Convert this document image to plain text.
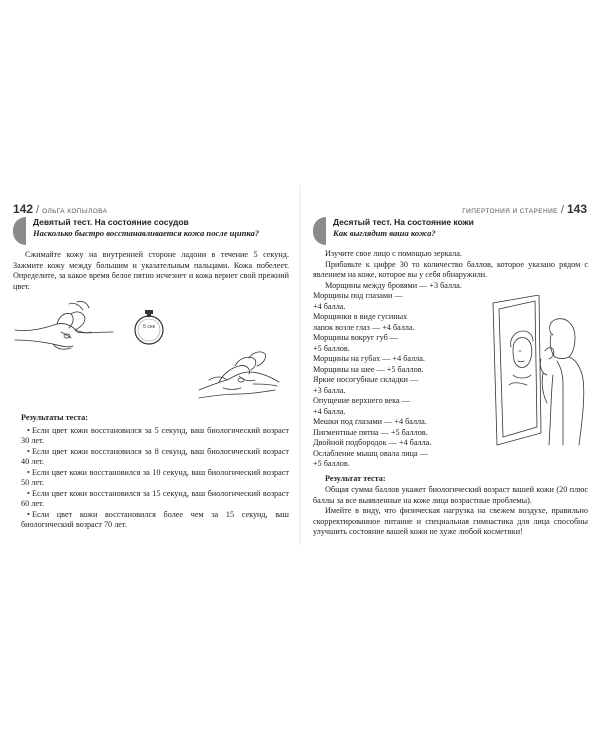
142 / ОЛЬГА КОПЫЛОВА	ГИПЕРТОНИЯ И СТАРЕНИЕ / 143
Девятый тест. На состояние сосудов
Насколько быстро восстанавливается кожа после щипка?

Сжимайте кожу на внутренней стороне ладони в течение 5 секунд. Зажмите кожу между большим и указательным пальцами. Кожа побелеет. Определите, за какое время белое пятно исчезнет и кожа вернет свой прежний цвет.

5 сек
Результаты теста:

• Если цвет кожи восстановился за 5 секунд, ваш биологический возраст 30 лет.

• Если цвет кожи восстановился за 8 секунд, ваш биологический возраст 40 лет.

• Если цвет кожи восстановился за 10 секунд, ваш биологический возраст 50 лет.

• Если цвет кожи восстановился за 15 секунд, ваш биологический возраст 60 лет.

• Если цвет кожи восстановился более чем за 15 секунд, ваш биологический возраст 70 лет.

Десятый тест. На состояние кожи
Как выглядит ваша кожа?

Изучите свое лицо с помощью зеркала.

Прибавьте к цифре 30 то количество баллов, которое указано рядом с явлением на коже, которое вы у себя обнаружили.

Морщины между бровями — +3 балла.
Морщины под глазами —
+4 балла.
Морщинки в виде гусиных
лапок возле глаз — +4 балла.
Морщины вокруг губ —
+5 баллов.
Морщины на губах — +4 балла.
Морщины на шее — +5 баллов.
Яркие носогубные складки —
+3 балла.
Опущение верхнего века —
+4 балла.
Мешки под глазами — +4 балла.
Пигментные пятна — +5 баллов.
Двойной подбородок — +4 балла.
Ослабление мышц овала лица —
+5 баллов.
Результат теста:

Общая сумма баллов укажет биологический возраст вашей кожи (20 плюс баллы за все выявленные на коже лица возрастные проблемы).

Имейте в виду, что физическая нагрузка на свежем воздухе, правильно скорректированное питание и специальная гимнастика для лица способны улучшить состояние вашей кожи не хуже любой косметики!
